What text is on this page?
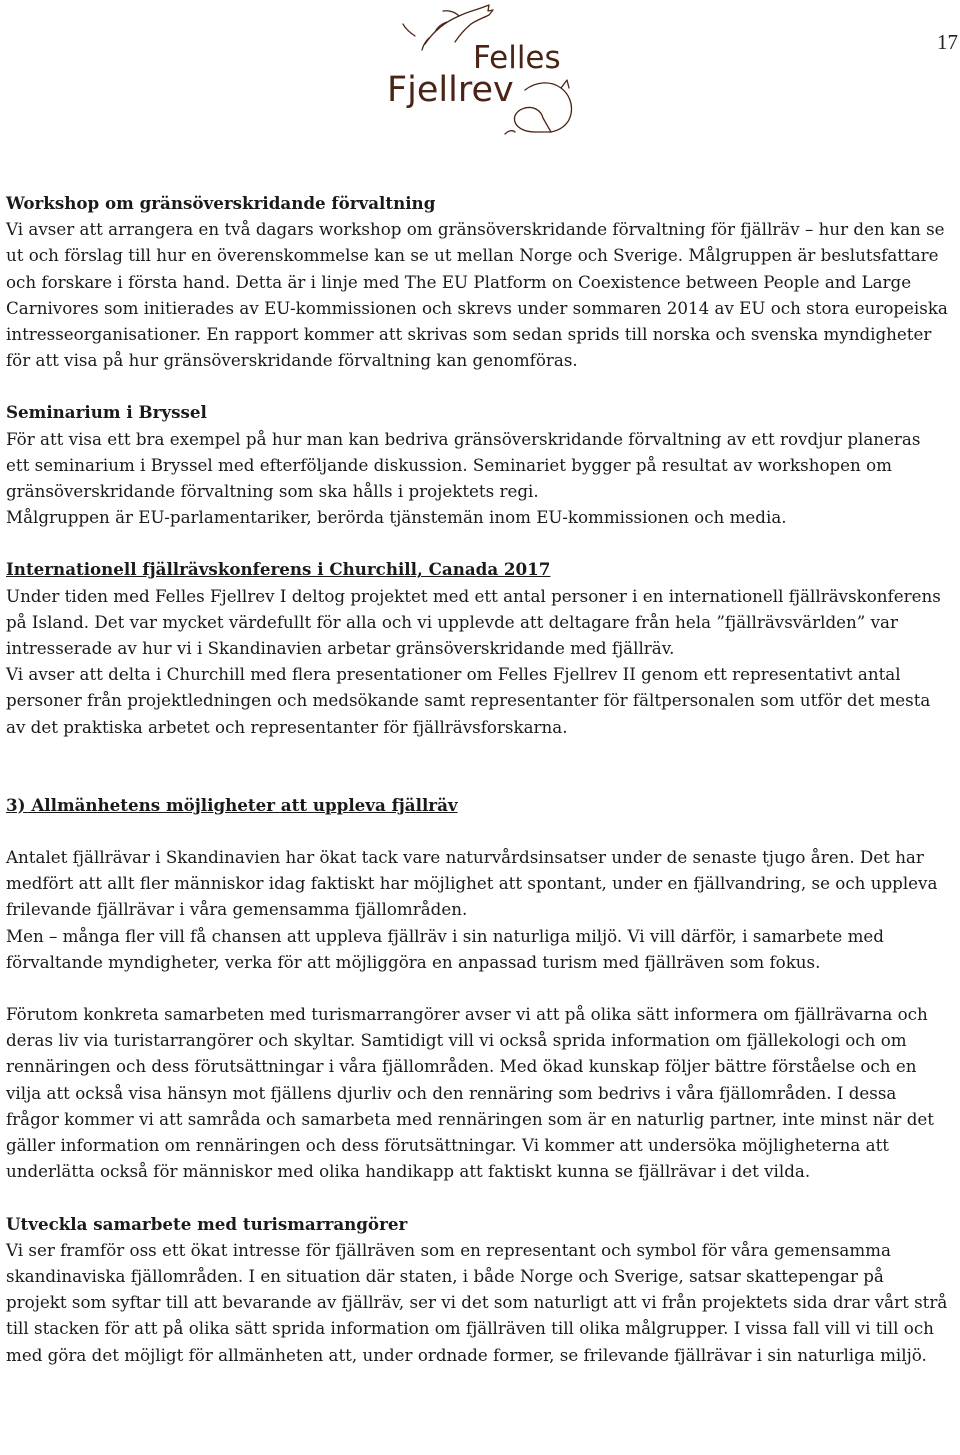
17
Felles
Fjellrev
Workshop om gränsöverskridande förvaltning

Vi avser att arrangera en två dagars workshop om gränsöverskridande förvaltning för fjällräv – hur den kan se ut och förslag till hur en överenskommelse kan se ut mellan Norge och Sverige. Målgruppen är beslutsfattare och forskare i första hand. Detta är i linje med The EU Platform on Coexistence between People and Large Carnivores som initierades av EU-kommissionen och skrevs under sommaren 2014 av EU och stora europeiska intresseorganisationer. En rapport kommer att skrivas som sedan sprids till norska och svenska myndigheter för att visa på hur gränsöverskridande förvaltning kan genomföras.

Seminarium i Bryssel

För att visa ett bra exempel på hur man kan bedriva gränsöverskridande förvaltning av ett rovdjur planeras ett seminarium i Bryssel med efterföljande diskussion. Seminariet bygger på resultat av workshopen om gränsöverskridande förvaltning som ska hålls i projektets regi.

Målgruppen är EU-parlamentariker, berörda tjänstemän inom EU-kommissionen och media.

Internationell fjällrävskonferens i Churchill, Canada 2017

Under tiden med Felles Fjellrev I deltog projektet med ett antal personer i en internationell fjällrävskonferens på Island. Det var mycket värdefullt för alla och vi upplevde att deltagare från hela ”fjällrävsvärlden” var intresserade av hur vi i Skandinavien arbetar gränsöverskridande med fjällräv.

Vi avser att delta i Churchill med flera presentationer om Felles Fjellrev II genom ett representativt antal personer från projektledningen och medsökande samt representanter för fältpersonalen som utför det mesta av det praktiska arbetet och representanter för fjällrävsforskarna.

3) Allmänhetens möjligheter att uppleva fjällräv

Antalet fjällrävar i Skandinavien har ökat tack vare naturvårdsinsatser under de senaste tjugo åren. Det har medfört att allt fler människor idag faktiskt har möjlighet att spontant, under en fjällvandring, se och uppleva frilevande fjällrävar i våra gemensamma fjällområden.

Men – många fler vill få chansen att uppleva fjällräv i sin naturliga miljö. Vi vill därför, i samarbete med förvaltande myndigheter, verka för att möjliggöra en anpassad turism med fjällräven som fokus.

Förutom konkreta samarbeten med turismarrangörer avser vi att på olika sätt informera om fjällrävarna och deras liv via turistarrangörer och skyltar. Samtidigt vill vi också sprida information om fjällekologi och om rennäringen och dess förutsättningar i våra fjällområden. Med ökad kunskap följer bättre förståelse och en vilja att också visa hänsyn mot fjällens djurliv och den rennäring som bedrivs i våra fjällområden. I dessa frågor kommer vi att samråda och samarbeta med rennäringen som är en naturlig partner, inte minst när det gäller information om rennäringen och dess förutsättningar. Vi kommer att undersöka möjligheterna att underlätta också för människor med olika handikapp att faktiskt kunna se fjällrävar i det vilda.

Utveckla samarbete med turismarrangörer

Vi ser framför oss ett ökat intresse för fjällräven som en representant och symbol för våra gemensamma skandinaviska fjällområden. I en situation där staten, i både Norge och Sverige, satsar skattepengar på projekt som syftar till att bevarande av fjällräv, ser vi det som naturligt att vi från projektets sida drar vårt strå till stacken för att på olika sätt sprida information om fjällräven till olika målgrupper. I vissa fall vill vi till och med göra det möjligt för allmänheten att, under ordnade former, se frilevande fjällrävar i sin naturliga miljö.
